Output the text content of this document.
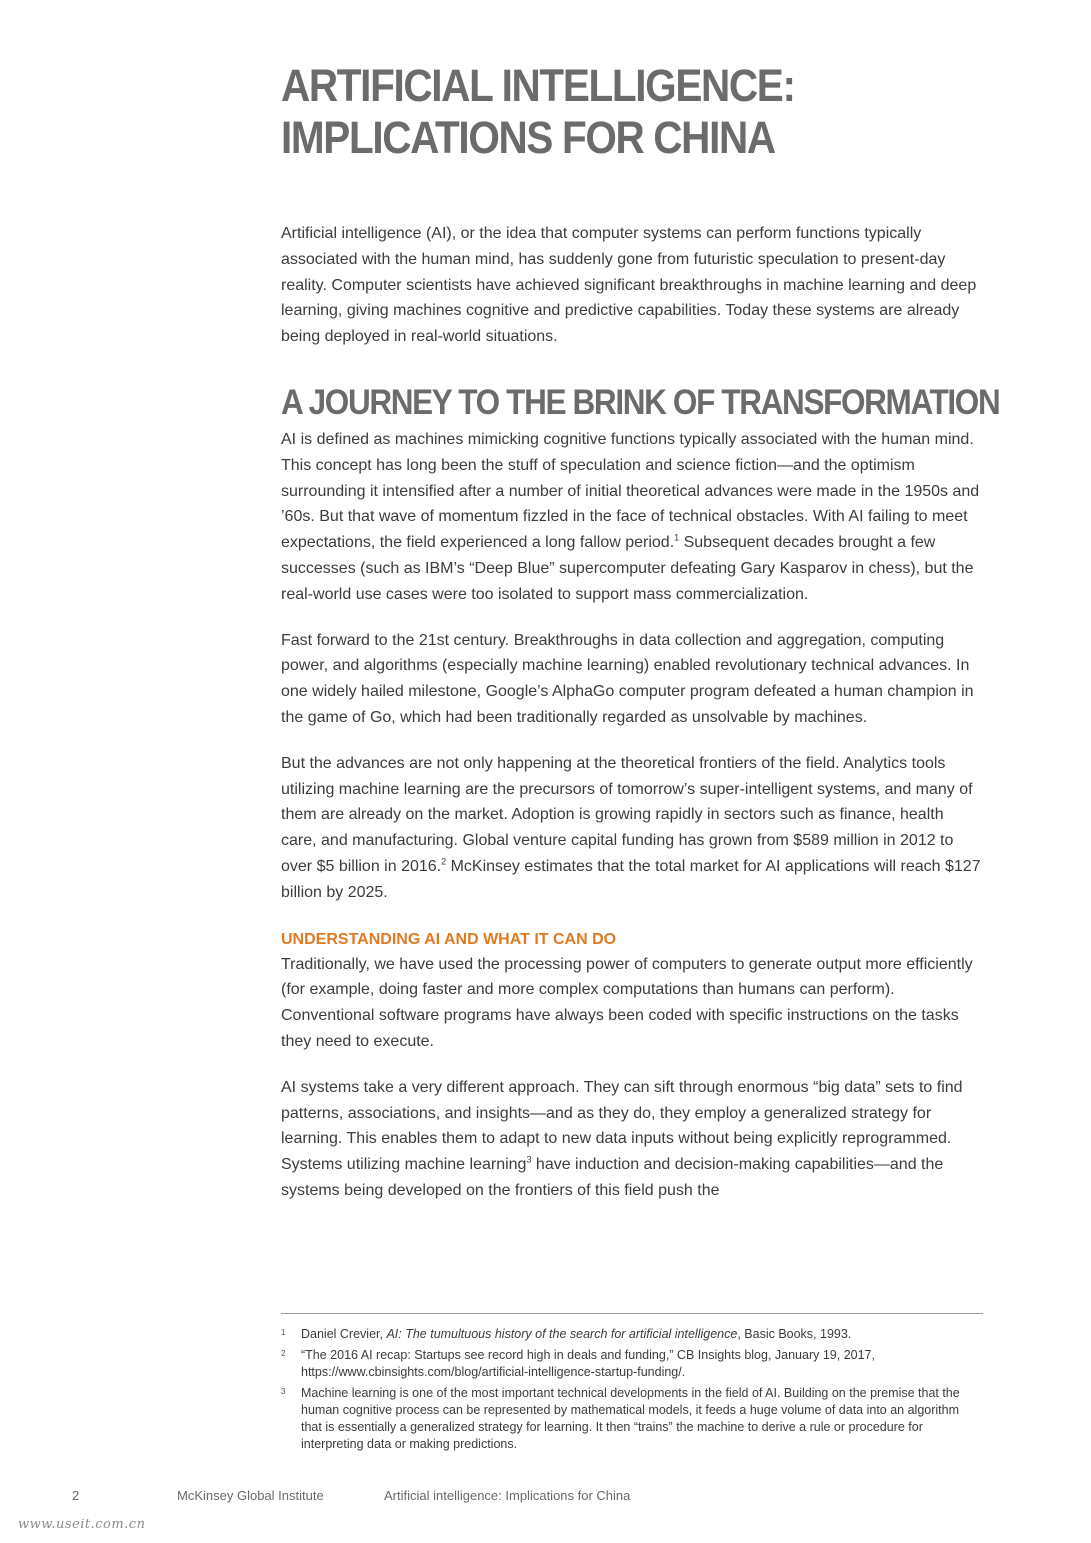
ARTIFICIAL INTELLIGENCE:
IMPLICATIONS FOR CHINA

Artificial intelligence (AI), or the idea that computer systems can perform functions typically associated with the human mind, has suddenly gone from futuristic speculation to present-day reality. Computer scientists have achieved significant breakthroughs in machine learning and deep learning, giving machines cognitive and predictive capabilities. Today these systems are already being deployed in real-world situations.

A JOURNEY TO THE BRINK OF TRANSFORMATION

AI is defined as machines mimicking cognitive functions typically associated with the human mind. This concept has long been the stuff of speculation and science fiction—and the optimism surrounding it intensified after a number of initial theoretical advances were made in the 1950s and ’60s. But that wave of momentum fizzled in the face of technical obstacles. With AI failing to meet expectations, the field experienced a long fallow period.$^1$ Subsequent decades brought a few successes (such as IBM’s “Deep Blue” supercomputer defeating Gary Kasparov in chess), but the real-world use cases were too isolated to support mass commercialization.

Fast forward to the 21st century. Breakthroughs in data collection and aggregation, computing power, and algorithms (especially machine learning) enabled revolutionary technical advances. In one widely hailed milestone, Google’s AlphaGo computer program defeated a human champion in the game of Go, which had been traditionally regarded as unsolvable by machines.

But the advances are not only happening at the theoretical frontiers of the field. Analytics tools utilizing machine learning are the precursors of tomorrow’s super-intelligent systems, and many of them are already on the market. Adoption is growing rapidly in sectors such as finance, health care, and manufacturing. Global venture capital funding has grown from $589 million in 2012 to over $5 billion in 2016.$^2$ McKinsey estimates that the total market for AI applications will reach $127 billion by 2025.

UNDERSTANDING AI AND WHAT IT CAN DO

Traditionally, we have used the processing power of computers to generate output more efficiently (for example, doing faster and more complex computations than humans can perform). Conventional software programs have always been coded with specific instructions on the tasks they need to execute.

AI systems take a very different approach. They can sift through enormous “big data” sets to find patterns, associations, and insights—and as they do, they employ a generalized strategy for learning. This enables them to adapt to new data inputs without being explicitly reprogrammed. Systems utilizing machine learning$^3$ have induction and decision-making capabilities—and the systems being developed on the frontiers of this field push the

1	Daniel Crevier, AI: The tumultuous history of the search for artificial intelligence, Basic Books, 1993.
2	“The 2016 AI recap: Startups see record high in deals and funding,” CB Insights blog, January 19, 2017, https://www.cbinsights.com/blog/artificial-intelligence-startup-funding/.
3	Machine learning is one of the most important technical developments in the field of AI. Building on the premise that the human cognitive process can be represented by mathematical models, it feeds a huge volume of data into an algorithm that is essentially a generalized strategy for learning. It then “trains” the machine to derive a rule or procedure for interpreting data or making predictions.
2	McKinsey Global Institute	Artificial intelligence: Implications for China
www.useit.com.cn
